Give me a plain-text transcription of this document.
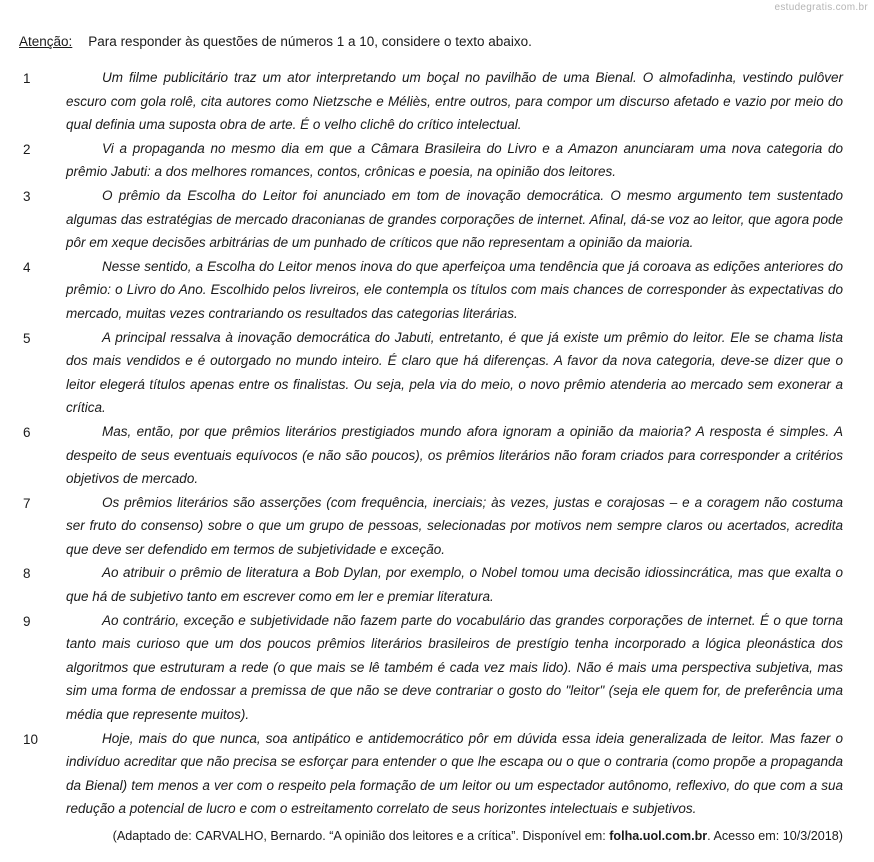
estudegratis.com.br
Atenção: Para responder às questões de números 1 a 10, considere o texto abaixo.

1	Um filme publicitário traz um ator interpretando um boçal no pavilhão de uma Bienal. O almofadinha, vestindo pulôver escuro com gola rolê, cita autores como Nietzsche e Méliès, entre outros, para compor um discurso afetado e vazio por meio do qual definia uma suposta obra de arte. É o velho clichê do crítico intelectual.

2	Vi a propaganda no mesmo dia em que a Câmara Brasileira do Livro e a Amazon anunciaram uma nova categoria do prêmio Jabuti: a dos melhores romances, contos, crônicas e poesia, na opinião dos leitores.

3	O prêmio da Escolha do Leitor foi anunciado em tom de inovação democrática. O mesmo argumento tem sustentado algumas das estratégias de mercado draconianas de grandes corporações de internet. Afinal, dá-se voz ao leitor, que agora pode pôr em xeque decisões arbitrárias de um punhado de críticos que não representam a opinião da maioria.

4	Nesse sentido, a Escolha do Leitor menos inova do que aperfeiçoa uma tendência que já coroava as edições anteriores do prêmio: o Livro do Ano. Escolhido pelos livreiros, ele contempla os títulos com mais chances de corresponder às expectativas do mercado, muitas vezes contrariando os resultados das categorias literárias.

5	A principal ressalva à inovação democrática do Jabuti, entretanto, é que já existe um prêmio do leitor. Ele se chama lista dos mais vendidos e é outorgado no mundo inteiro. É claro que há diferenças. A favor da nova categoria, deve-se dizer que o leitor elegerá títulos apenas entre os finalistas. Ou seja, pela via do meio, o novo prêmio atenderia ao mercado sem exonerar a crítica.

6	Mas, então, por que prêmios literários prestigiados mundo afora ignoram a opinião da maioria? A resposta é simples. A despeito de seus eventuais equívocos (e não são poucos), os prêmios literários não foram criados para corresponder a critérios objetivos de mercado.

7	Os prêmios literários são asserções (com frequência, inerciais; às vezes, justas e corajosas – e a coragem não costuma ser fruto do consenso) sobre o que um grupo de pessoas, selecionadas por motivos nem sempre claros ou acertados, acredita que deve ser defendido em termos de subjetividade e exceção.

8	Ao atribuir o prêmio de literatura a Bob Dylan, por exemplo, o Nobel tomou uma decisão idiossincrática, mas que exalta o que há de subjetivo tanto em escrever como em ler e premiar literatura.

9	Ao contrário, exceção e subjetividade não fazem parte do vocabulário das grandes corporações de internet. É o que torna tanto mais curioso que um dos poucos prêmios literários brasileiros de prestígio tenha incorporado a lógica pleonástica dos algoritmos que estruturam a rede (o que mais se lê também é cada vez mais lido). Não é mais uma perspectiva subjetiva, mas sim uma forma de endossar a premissa de que não se deve contrariar o gosto do "leitor" (seja ele quem for, de preferência uma média que represente muitos).

10	Hoje, mais do que nunca, soa antipático e antidemocrático pôr em dúvida essa ideia generalizada de leitor. Mas fazer o indivíduo acreditar que não precisa se esforçar para entender o que lhe escapa ou o que o contraria (como propõe a propaganda da Bienal) tem menos a ver com o respeito pela formação de um leitor ou um espectador autônomo, reflexivo, do que com a sua redução a potencial de lucro e com o estreitamento correlato de seus horizontes intelectuais e subjetivos.

(Adaptado de: CARVALHO, Bernardo. “A opinião dos leitores e a crítica”. Disponível em: folha.uol.com.br. Acesso em: 10/3/2018)
